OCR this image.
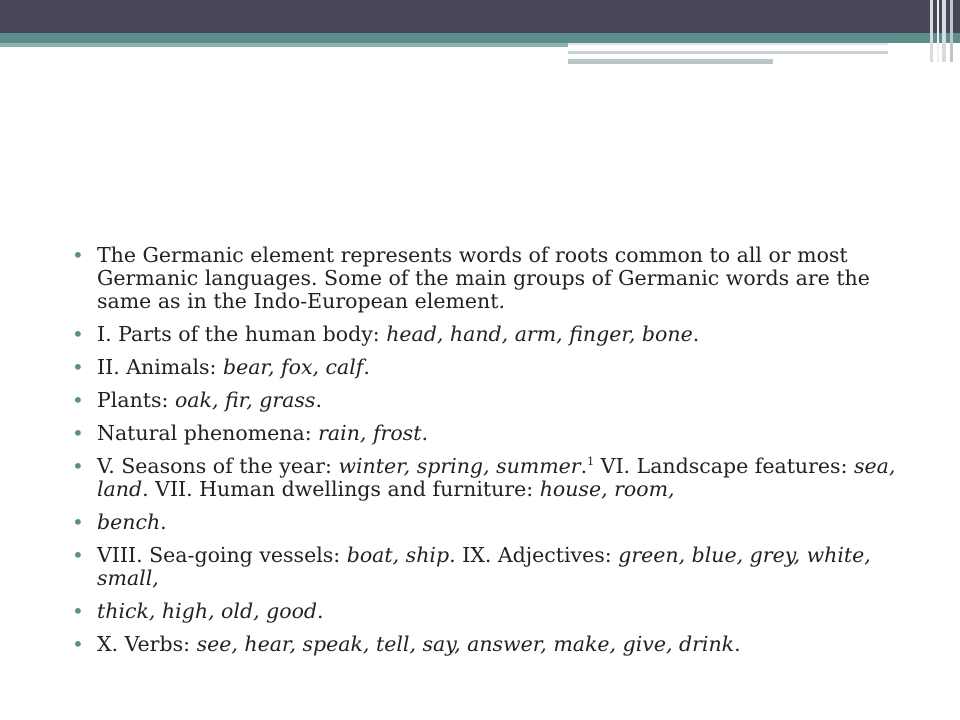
• The Germanic element represents words of roots common to all or most Germanic languages. Some of the main groups of Germanic words are the same as in the Indo-European element.
• I. Parts of the human body: head, hand, arm, finger, bone.
• II. Animals: bear, fox, calf.
• Plants: oak, fir, grass.
• Natural phenomena: rain, frost.
• V. Seasons of the year: winter, spring, summer.$^1$ VI. Landscape features: sea, land. VII. Human dwellings and furniture: house, room,
• bench.
• VIII. Sea-going vessels: boat, ship. IX. Adjectives: green, blue, grey, white, small,
• thick, high, old, good.
• X. Verbs: see, hear, speak, tell, say, answer, make, give, drink.
